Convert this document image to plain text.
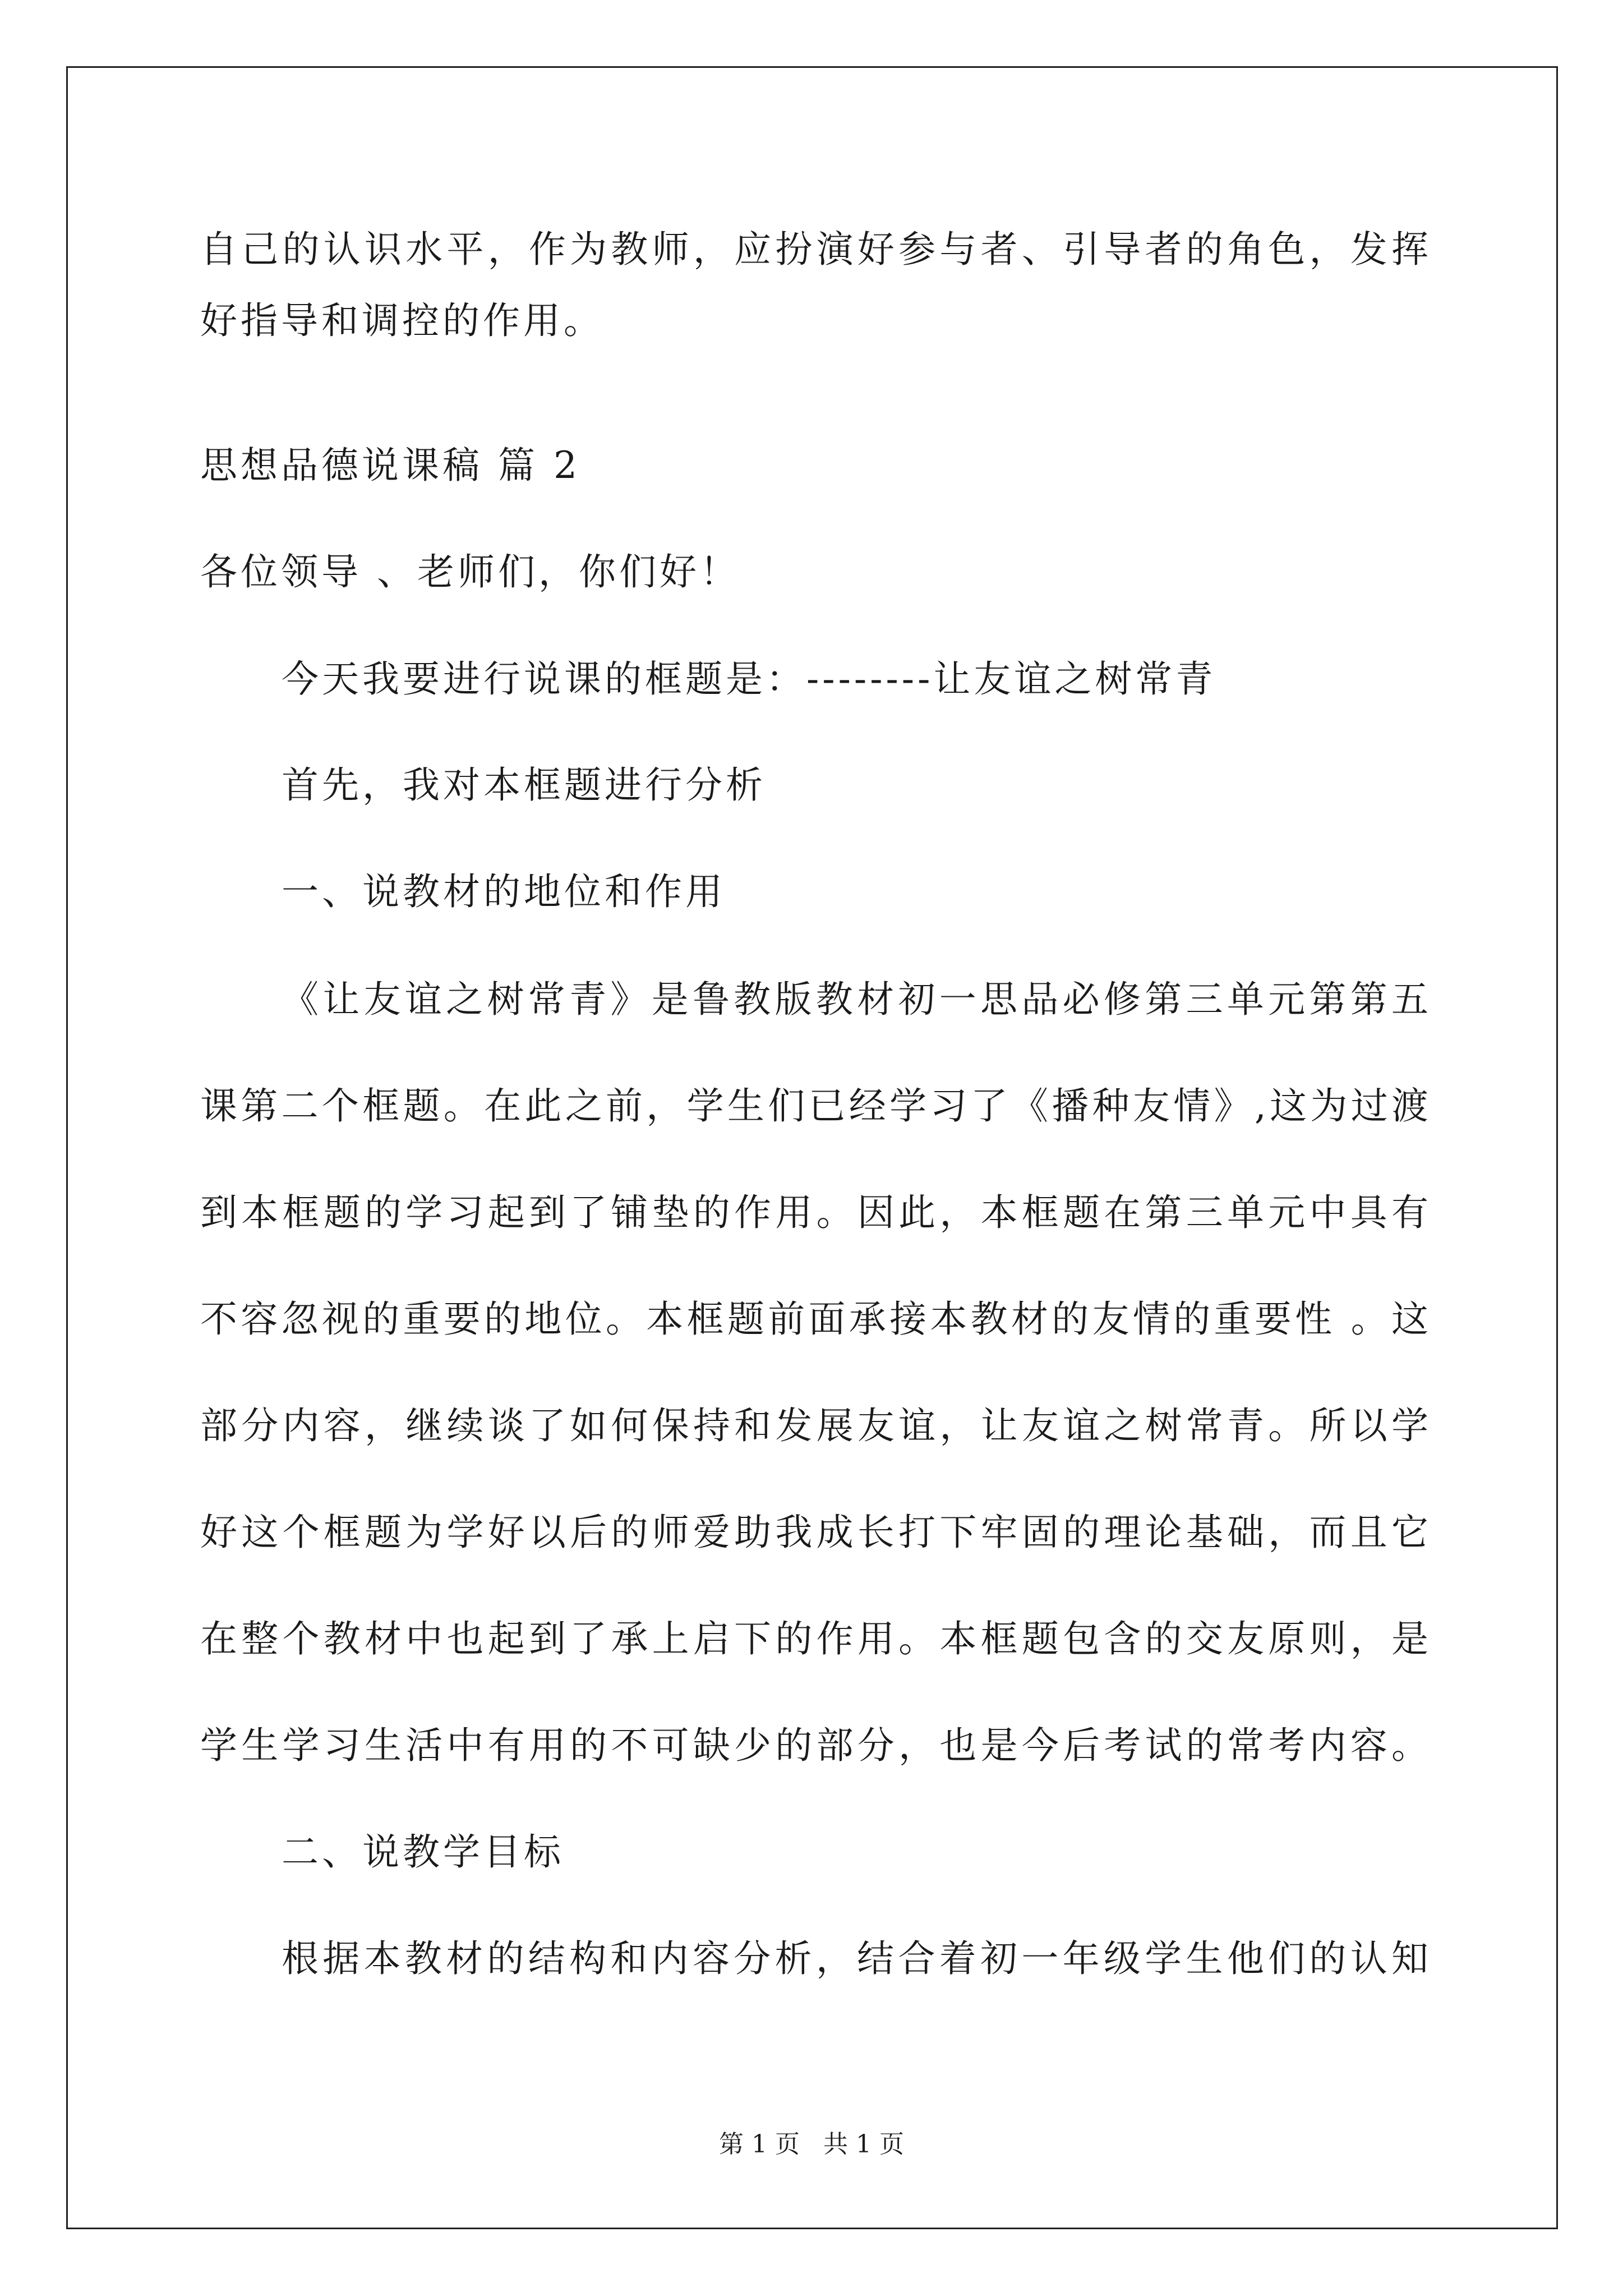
自己的认识水平，作为教师，应扮演好参与者、引导者的角色，发挥
好指导和调控的作用。
思想品德说课稿 篇 2
各位领导 、老师们，你们好！
今天我要进行说课的框题是：--------让友谊之树常青
首先，我对本框题进行分析
一、说教材的地位和作用
《让友谊之树常青》是鲁教版教材初一思品必修第三单元第第五
课第二个框题。在此之前，学生们已经学习了《播种友情》,这为过渡
到本框题的学习起到了铺垫的作用。因此，本框题在第三单元中具有
不容忽视的重要的地位。本框题前面承接本教材的友情的重要性 。这
部分内容，继续谈了如何保持和发展友谊，让友谊之树常青。所以学
好这个框题为学好以后的师爱助我成长打下牢固的理论基础，而且它
在整个教材中也起到了承上启下的作用。本框题包含的交友原则，是
学生学习生活中有用的不可缺少的部分，也是今后考试的常考内容。
二、说教学目标
根据本教材的结构和内容分析，结合着初一年级学生他们的认知
第 1 页 共 1 页
